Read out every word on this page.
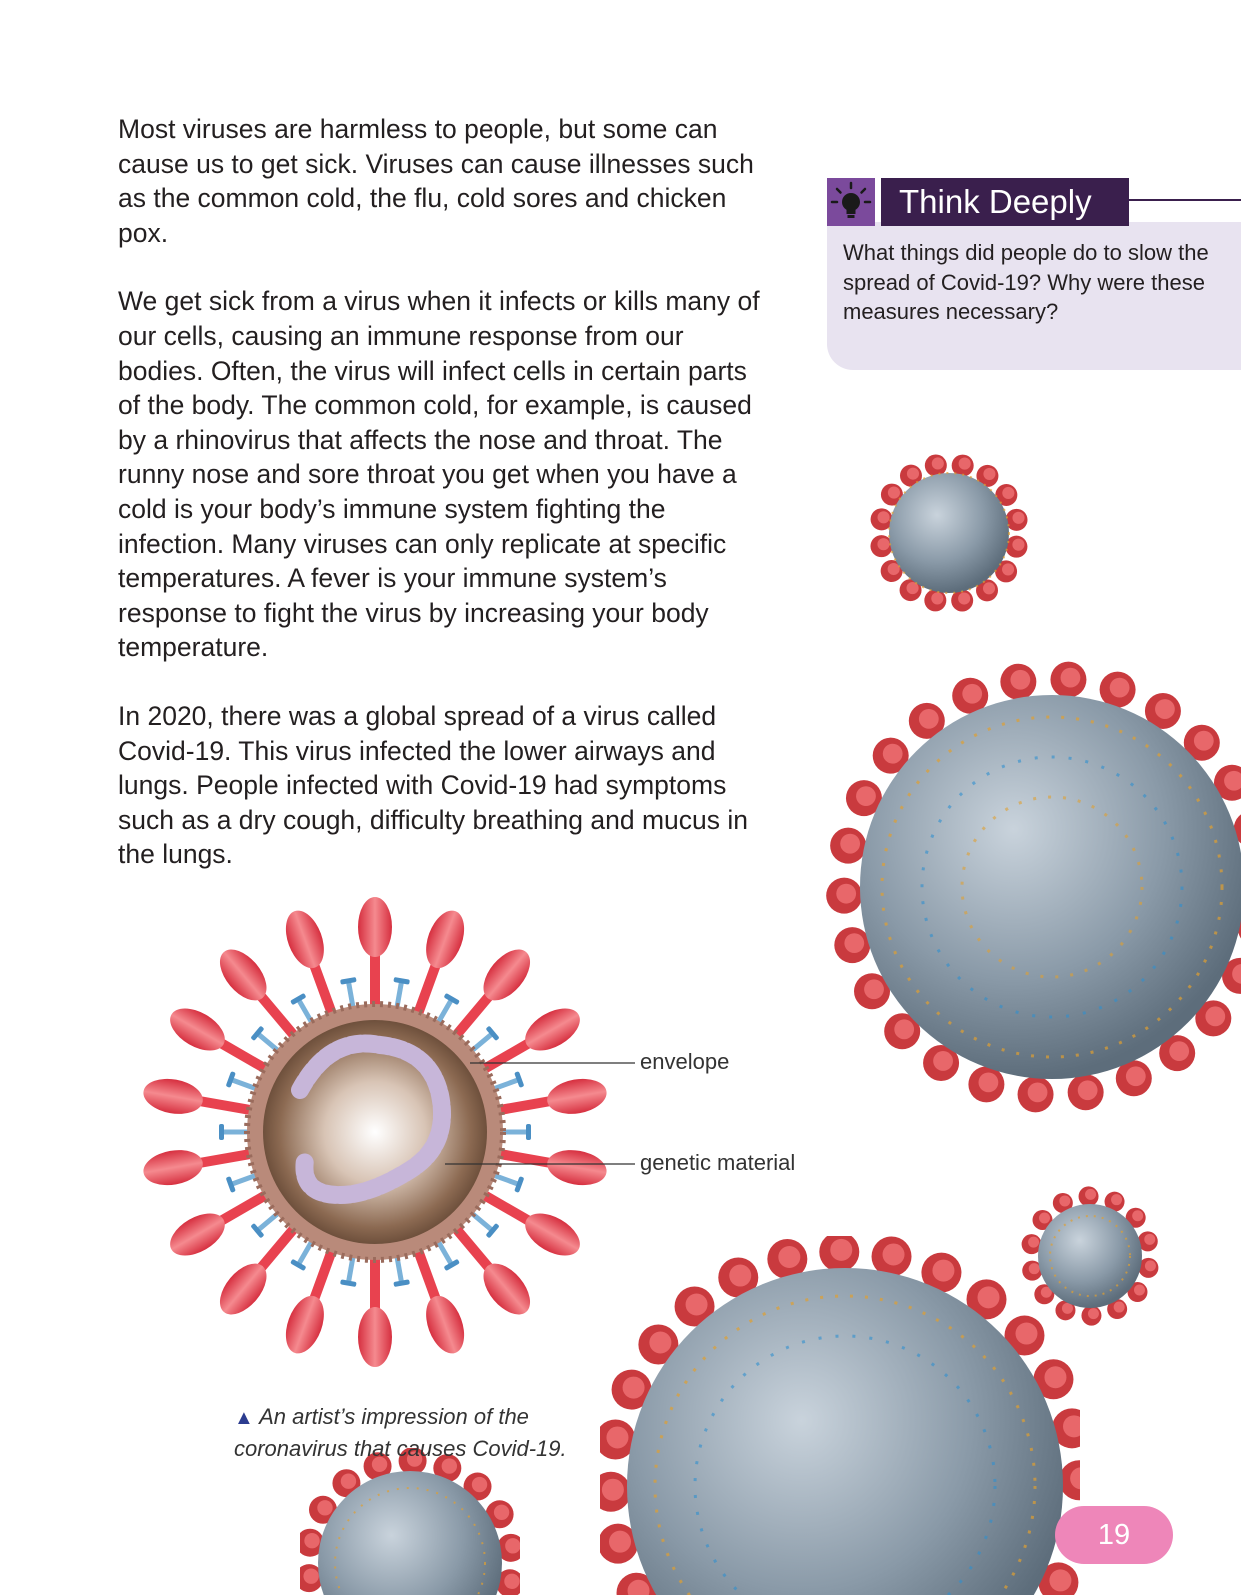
Most viruses are harmless to people, but some can cause us to get sick. Viruses can cause illnesses such as the common cold, the flu, cold sores and chicken pox.

We get sick from a virus when it infects or kills many of our cells, causing an immune response from our bodies. Often, the virus will infect cells in certain parts of the body. The common cold, for example, is caused by a rhinovirus that affects the nose and throat. The runny nose and sore throat you get when you have a cold is your body’s immune system fighting the infection. Many viruses can only replicate at specific temperatures. A fever is your immune system’s response to fight the virus by increasing your body temperature.

In 2020, there was a global spread of a virus called Covid-19. This virus infected the lower airways and lungs. People infected with Covid-19 had symptoms such as a dry cough, difficulty breathing and mucus in the lungs.

Think Deeply
What things did people do to slow the spread of Covid-19? Why were these measures necessary?
envelope
genetic material
▲ An artist’s impression of the coronavirus that causes Covid-19.
19
